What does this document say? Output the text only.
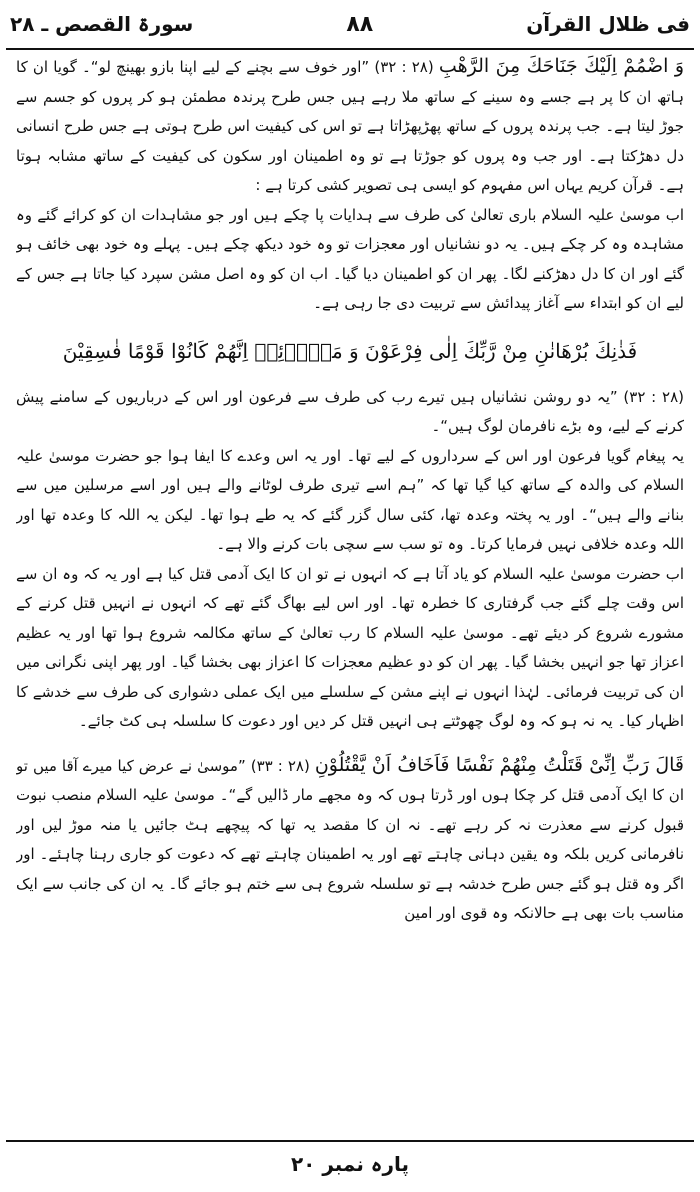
فی ظلال القرآن
۸۸
سورۃ القصص ـ ۲۸

وَ اضْمُمْ اِلَيْكَ جَنَاحَكَ مِنَ الرَّهْبِ (۲۸ : ۳۲) ”اور خوف سے بچنے کے لیے اپنا بازو بھینچ لو“۔ گویا ان کا ہاتھ ان کا پر ہے جسے وہ سینے کے ساتھ ملا رہے ہیں جس طرح پرندہ مطمئن ہو کر پروں کو جسم سے جوڑ لیتا ہے۔ جب پرندہ پروں کے ساتھ پھڑپھڑاتا ہے تو اس کی کیفیت اس طرح ہوتی ہے جس طرح انسانی دل دھڑکتا ہے۔ اور جب وہ پروں کو جوڑتا ہے تو وہ اطمینان اور سکون کی کیفیت کے ساتھ مشابہ ہوتا ہے۔ قرآن کریم یہاں اس مفہوم کو ایسی ہی تصویر کشی کرتا ہے :

اب موسیٰ علیہ السلام باری تعالیٰ کی طرف سے ہدایات پا چکے ہیں اور جو مشاہدات ان کو کرائے گئے وہ مشاہدہ وہ کر چکے ہیں۔ یہ دو نشانیاں اور معجزات تو وہ خود دیکھ چکے ہیں۔ پہلے وہ خود بھی خائف ہو گئے اور ان کا دل دھڑکنے لگا۔ پھر ان کو اطمینان دیا گیا۔ اب ان کو وہ اصل مشن سپرد کیا جاتا ہے جس کے لیے ان کو ابتداء سے آغاز پیدائش سے تربیت دی جا رہی ہے۔

فَذٰنِكَ بُرْهَانٰنِ مِنْ رَّبِّكَ اِلٰى فِرْعَوْنَ وَ مَلَاۡئِهٖ اِنَّهُمْ كَانُوْا قَوْمًا فٰسِقِيْنَ

(۲۸ : ۳۲) ”یہ دو روشن نشانیاں ہیں تیرے رب کی طرف سے فرعون اور اس کے درباریوں کے سامنے پیش کرنے کے لیے، وہ بڑے نافرمان لوگ ہیں“۔

یہ پیغام گویا فرعون اور اس کے سرداروں کے لیے تھا۔ اور یہ اس وعدے کا ایفا ہوا جو حضرت موسیٰ علیہ السلام کی والدہ کے ساتھ کیا گیا تھا کہ ”ہم اسے تیری طرف لوٹانے والے ہیں اور اسے مرسلین میں سے بنانے والے ہیں“۔ اور یہ پختہ وعدہ تھا، کئی سال گزر گئے کہ یہ طے ہوا تھا۔ لیکن یہ اللہ کا وعدہ تھا اور اللہ وعدہ خلافی نہیں فرمایا کرتا۔ وہ تو سب سے سچی بات کرنے والا ہے۔

اب حضرت موسیٰ علیہ السلام کو یاد آتا ہے کہ انہوں نے تو ان کا ایک آدمی قتل کیا ہے اور یہ کہ وہ ان سے اس وقت چلے گئے جب گرفتاری کا خطرہ تھا۔ اور اس لیے بھاگ گئے تھے کہ انہوں نے انہیں قتل کرنے کے مشورے شروع کر دیئے تھے۔ موسیٰ علیہ السلام کا رب تعالیٰ کے ساتھ مکالمہ شروع ہوا تھا اور یہ عظیم اعزاز تھا جو انہیں بخشا گیا۔ پھر ان کو دو عظیم معجزات کا اعزاز بھی بخشا گیا۔ اور پھر اپنی نگرانی میں ان کی تربیت فرمائی۔ لہٰذا انہوں نے اپنے مشن کے سلسلے میں ایک عملی دشواری کی طرف سے خدشے کا اظہار کیا۔ یہ نہ ہو کہ وہ لوگ چھوٹتے ہی انہیں قتل کر دیں اور دعوت کا سلسلہ ہی کٹ جائے۔

قَالَ رَبِّ اِنِّىْ قَتَلْتُ مِنْهُمْ نَفْسًا فَاَخَافُ اَنْ يَّقْتُلُوْنِ (۲۸ : ۳۳) ”موسیٰ نے عرض کیا میرے آقا میں تو ان کا ایک آدمی قتل کر چکا ہوں اور ڈرتا ہوں کہ وہ مجھے مار ڈالیں گے“۔ موسیٰ علیہ السلام منصب نبوت قبول کرنے سے معذرت نہ کر رہے تھے۔ نہ ان کا مقصد یہ تھا کہ پیچھے ہٹ جائیں یا منہ موڑ لیں اور نافرمانی کریں بلکہ وہ یقین دہانی چاہتے تھے اور یہ اطمینان چاہتے تھے کہ دعوت کو جاری رہنا چاہئے۔ اور اگر وہ قتل ہو گئے جس طرح خدشہ ہے تو سلسلہ شروع ہی سے ختم ہو جائے گا۔ یہ ان کی جانب سے ایک مناسب بات بھی ہے حالانکہ وہ قوی اور امین

پارہ نمبر ۲۰
